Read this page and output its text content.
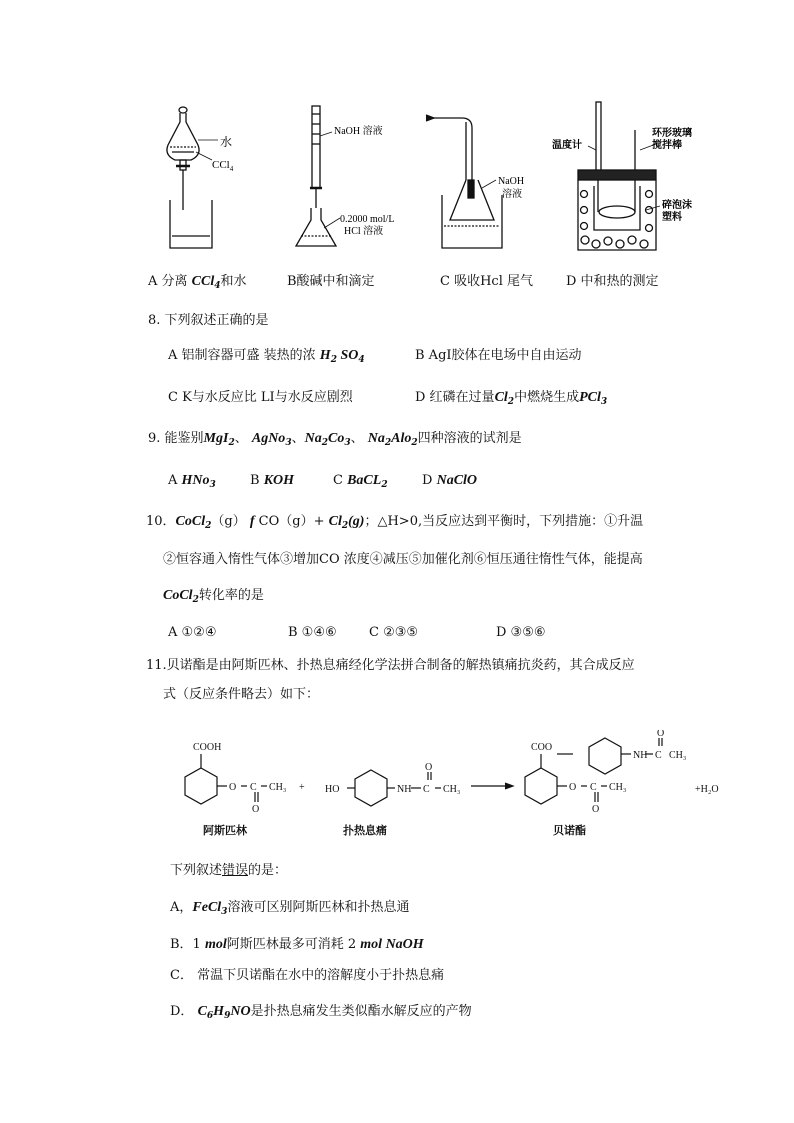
水
CCl$_4$
NaOH 溶液
0.2000 mol/L
HCl 溶液
NaOH
溶液
温度计
环形玻璃
搅拌棒
碎泡沫
塑料
A 分离 CCl$_4$和水	B酸碱中和滴定	C 吸收Hcl 尾气	D 中和热的测定
8. 下列叙述正确的是
A 铝制容器可盛 装热的浓 $H_2$ $SO_4$	B AgI胶体在电场中自由运动
C K与水反应比 LI与水反应剧烈	D 红磷在过量$Cl_2$中燃烧生成PCl$_3$
9. 能鉴别MgI$_2$、 AgNo$_3$、$Na_2Co_3$、 $Na_2Alo_2$四种溶液的试剂是
A HNo$_3$	B KOH	C BaCL$_2$	D NaClO
10．CoCl$_2$（g） f $CO(g)+ Cl_2(g)$；△H>0,当反应达到平衡时，下列措施：①升温
②恒容通入惰性气体③增加CO 浓度④减压⑤加催化剂⑥恒压通往惰性气体，能提高
CoCl$_2$转化率的是
A ①②④	B ①④⑥ C ②③⑤	D ③⑤⑥
11.贝诺酯是由阿斯匹林、扑热息痛经化学法拼合制备的解热镇痛抗炎药，其合成反应
式（反应条件略去）如下：
COOH
O C CH₃
O
+ HO	NH C
O
CH₃
COO
NH C
O
CH₃
O C CH₃
O
+H₂O
阿斯匹林	扑热息痛	贝诺酯
下列叙述错误的是：
A，FeCl$_3$溶液可区别阿斯匹林和扑热息通
B．1 mol阿斯匹林最多可消耗 2 mol NaOH
C． 常温下贝诺酯在水中的溶解度小于扑热息痛
D． $C_6H_9NO$是扑热息痛发生类似酯水解反应的产物
